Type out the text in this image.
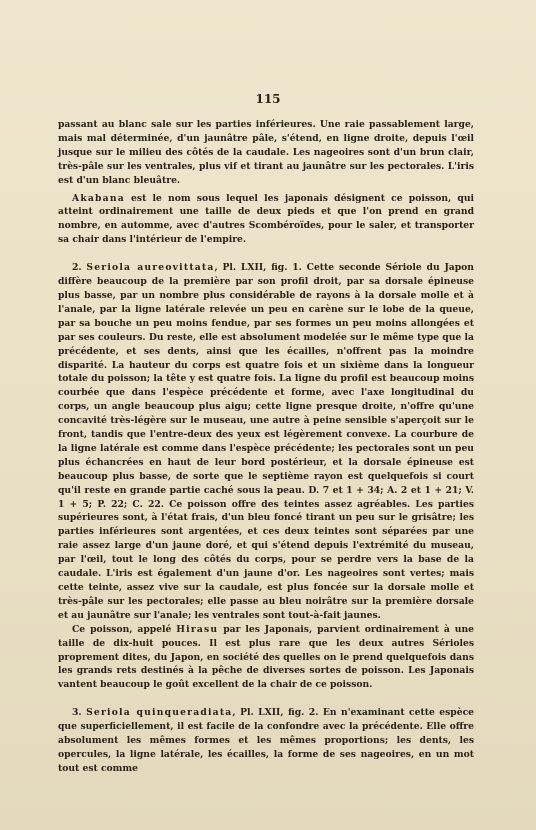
115

passant au blanc sale sur les parties inférieures. Une raie passablement large, mais mal déterminée, d'un jaunâtre pâle, s'étend, en ligne droite, depuis l'œil jusque sur le milieu des côtés de la caudale. Les nageoires sont d'un brun clair, très-pâle sur les ventrales, plus vif et tirant au jaunâtre sur les pectorales. L'iris est d'un blanc bleuâtre.

Akabana est le nom sous lequel les japonais désignent ce poisson, qui atteint ordinairement une taille de deux pieds et que l'on prend en grand nombre, en automme, avec d'autres Scombéroïdes, pour le saler, et transporter sa chair dans l'intérieur de l'empire.

2. Seriola aureovittata, Pl. LXII, fig. 1. Cette seconde Sériole du Japon diffère beaucoup de la première par son profil droit, par sa dorsale épineuse plus basse, par un nombre plus considérable de rayons à la dorsale molle et à l'anale, par la ligne latérale relevée un peu en carène sur le lobe de la queue, par sa bouche un peu moins fendue, par ses formes un peu moins allongées et par ses couleurs. Du reste, elle est absolument modelée sur le même type que la précédente, et ses dents, ainsi que les écailles, n'offrent pas la moindre disparité. La hauteur du corps est quatre fois et un sixième dans la longueur totale du poisson; la tête y est quatre fois. La ligne du profil est beaucoup moins courbée que dans l'espèce précédente et forme, avec l'axe longitudinal du corps, un angle beaucoup plus aigu; cette ligne presque droite, n'offre qu'une concavité très-légère sur le museau, une autre à peine sensible s'aperçoit sur le front, tandis que l'entre-deux des yeux est légèrement convexe. La courbure de la ligne latérale est comme dans l'espèce précédente; les pectorales sont un peu plus échancrées en haut de leur bord postérieur, et la dorsale épineuse est beaucoup plus basse, de sorte que le septième rayon est quelquefois si court qu'il reste en grande partie caché sous la peau. D. 7 et 1 + 34; A. 2 et 1 + 21; V. 1 + 5; P. 22; C. 22. Ce poisson offre des teintes assez agréables. Les parties supérieures sont, à l'état frais, d'un bleu foncé tirant un peu sur le grisâtre; les parties inférieures sont argentées, et ces deux teintes sont séparées par une raie assez large d'un jaune doré, et qui s'étend depuis l'extrémité du museau, par l'œil, tout le long des côtés du corps, pour se perdre vers la base de la caudale. L'iris est également d'un jaune d'or. Les nageoires sont vertes; mais cette teinte, assez vive sur la caudale, est plus foncée sur la dorsale molle et très-pâle sur les pectorales; elle passe au bleu noirâtre sur la première dorsale et au jaunâtre sur l'anale; les ventrales sont tout-à-fait jaunes.

Ce poisson, appelé Hirasu par les Japonais, parvient ordinairement à une taille de dix-huit pouces. Il est plus rare que les deux autres Sérioles proprement dites, du Japon, en société des quelles on le prend quelquefois dans les grands rets destinés à la pêche de diverses sortes de poisson. Les Japonais vantent beaucoup le goût excellent de la chair de ce poisson.

3. Seriola quinqueradiata, Pl. LXII, fig. 2. En n'examinant cette espèce que superficiellement, il est facile de la confondre avec la précédente. Elle offre absolument les mêmes formes et les mêmes proportions; les dents, les opercules, la ligne latérale, les écailles, la forme de ses nageoires, en un mot tout est comme
